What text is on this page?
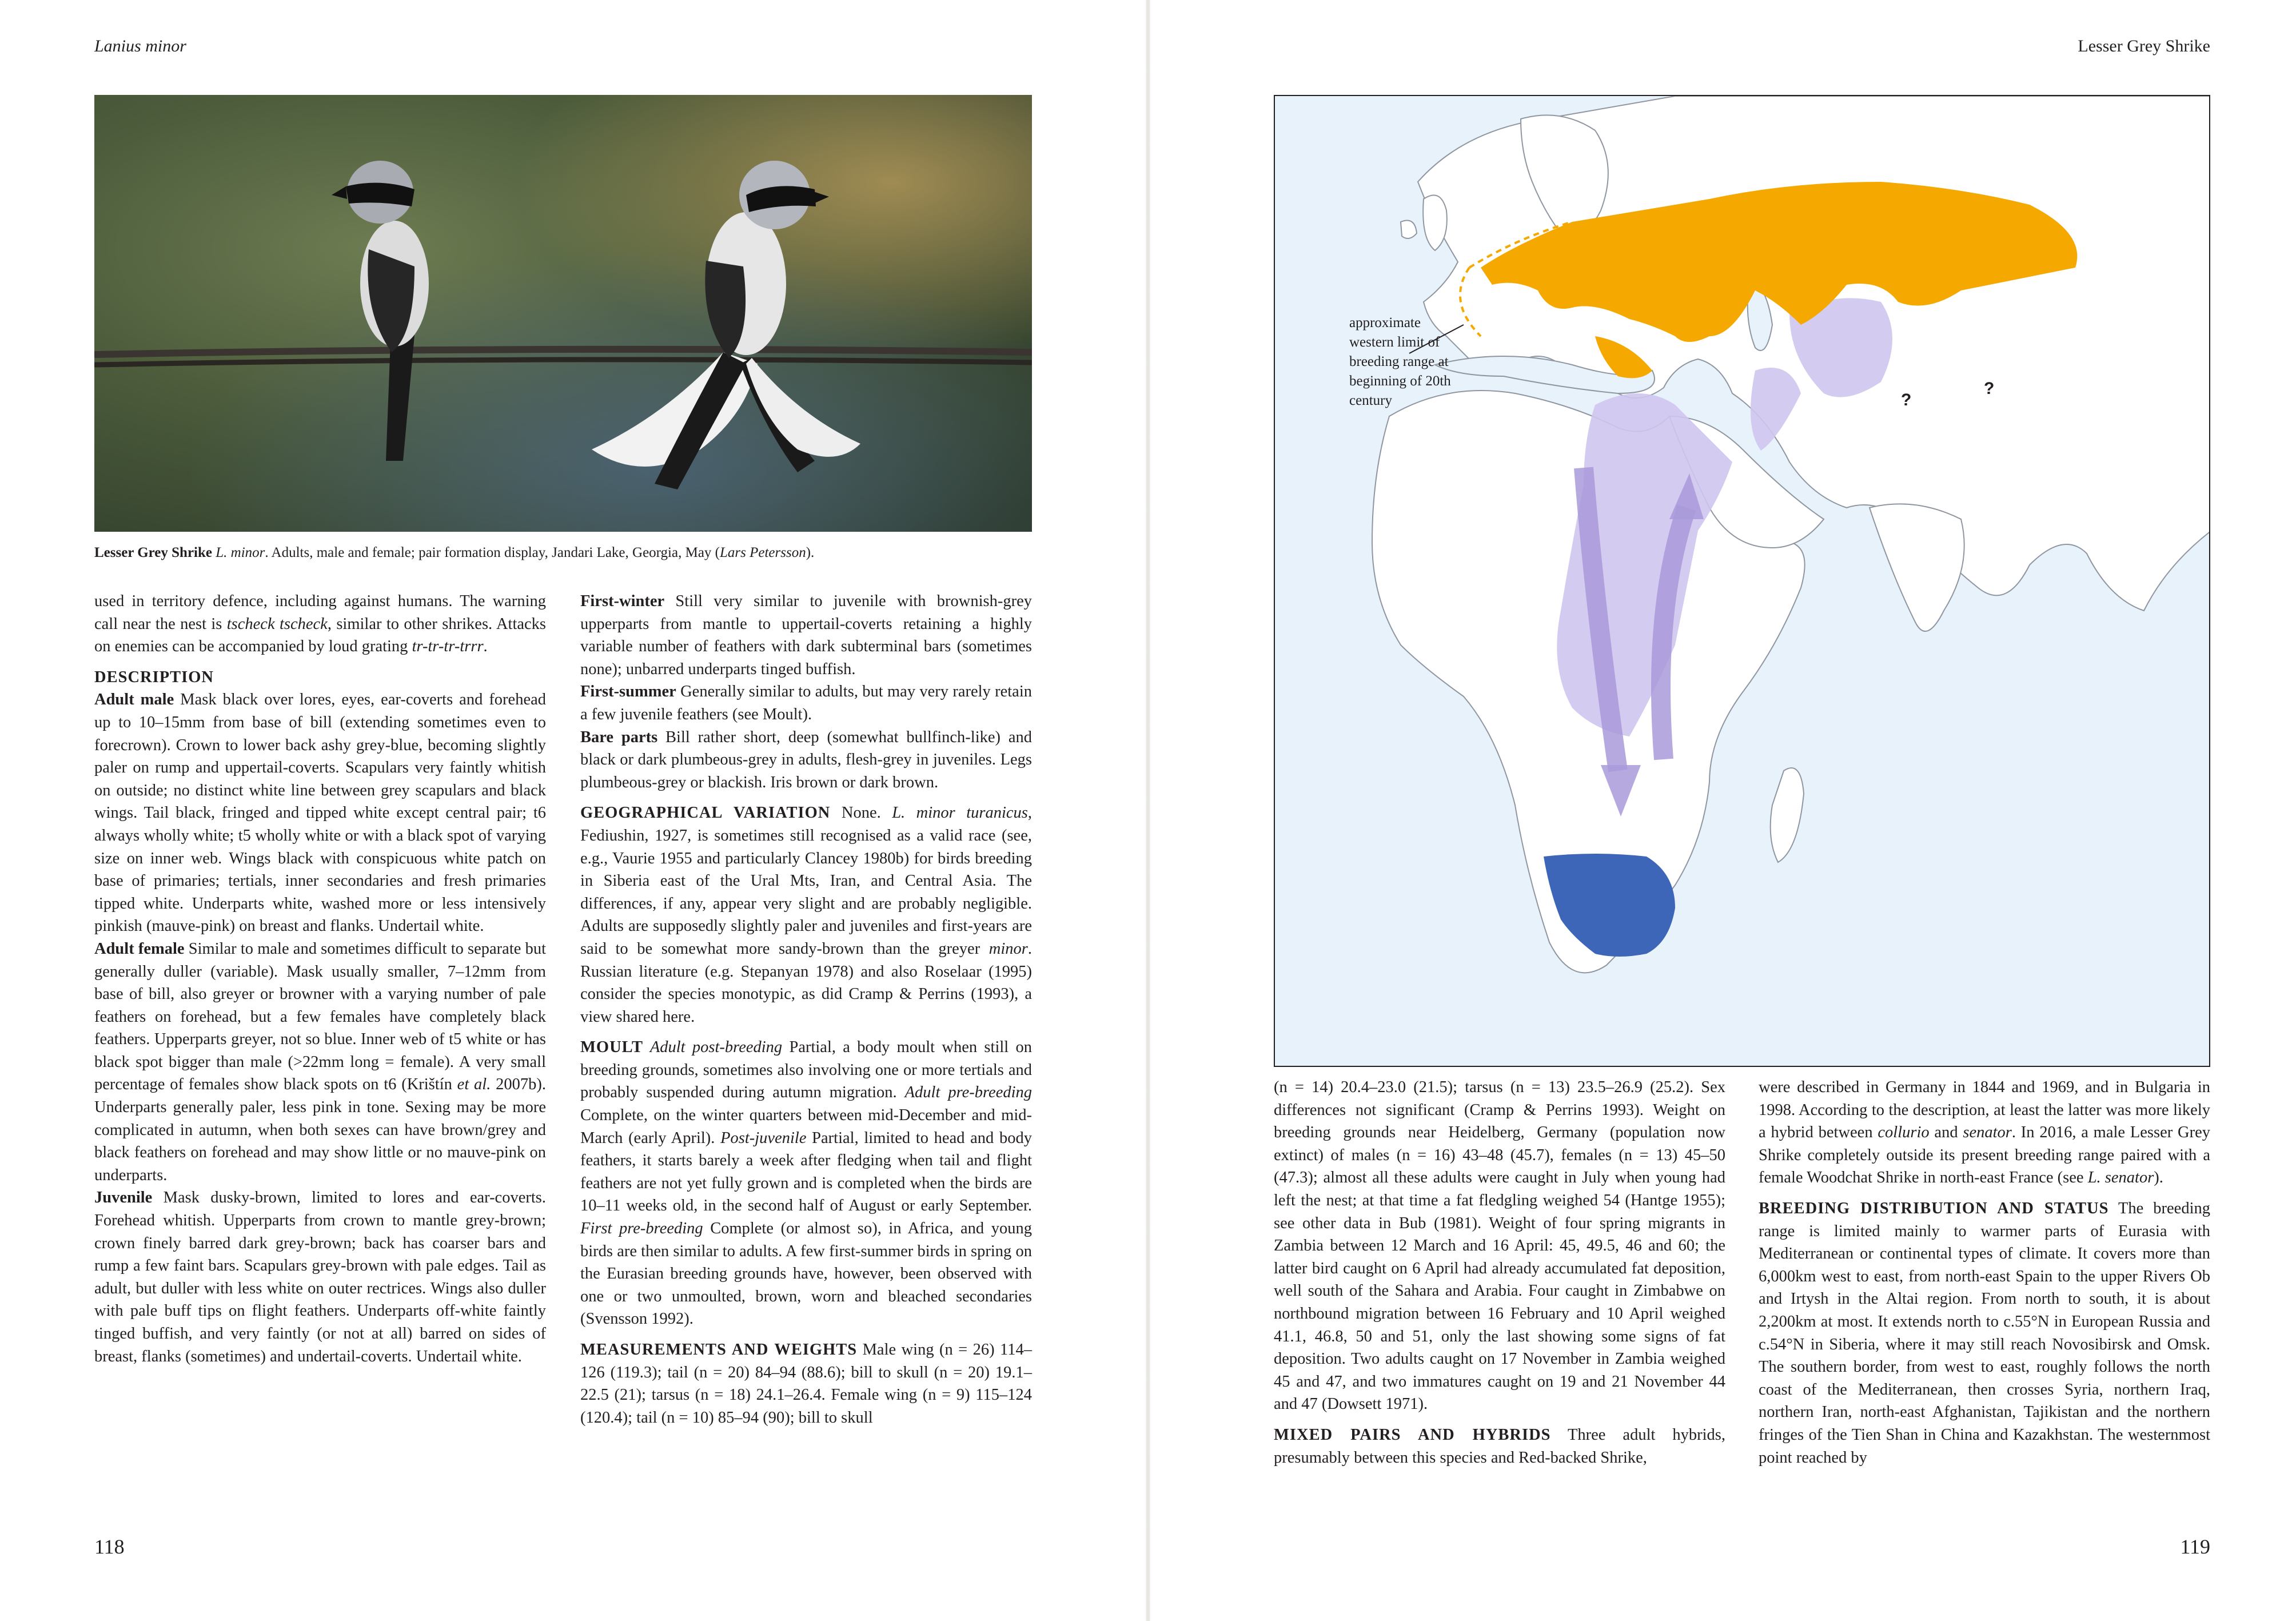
Lanius minor
Lesser Grey Shrike L. minor. Adults, male and female; pair formation display, Jandari Lake, Georgia, May (Lars Petersson).

used in territory defence, including against humans. The warning call near the nest is tscheck tscheck, similar to other shrikes. Attacks on enemies can be accompanied by loud grating tr-tr-tr-trrr.

DESCRIPTION

Adult male Mask black over lores, eyes, ear-coverts and forehead up to 10–15mm from base of bill (extending sometimes even to forecrown). Crown to lower back ashy grey-blue, becoming slightly paler on rump and uppertail-coverts. Scapulars very faintly whitish on outside; no distinct white line between grey scapulars and black wings. Tail black, fringed and tipped white except central pair; t6 always wholly white; t5 wholly white or with a black spot of varying size on inner web. Wings black with conspicuous white patch on base of primaries; tertials, inner secondaries and fresh primaries tipped white. Underparts white, washed more or less intensively pinkish (mauve-pink) on breast and flanks. Undertail white.

Adult female Similar to male and sometimes difficult to separate but generally duller (variable). Mask usually smaller, 7–12mm from base of bill, also greyer or browner with a varying number of pale feathers on forehead, but a few females have completely black feathers. Upperparts greyer, not so blue. Inner web of t5 white or has black spot bigger than male (>22mm long = female). A very small percentage of females show black spots on t6 (Krištín et al. 2007b). Underparts generally paler, less pink in tone. Sexing may be more complicated in autumn, when both sexes can have brown/grey and black feathers on forehead and may show little or no mauve-pink on underparts.

Juvenile Mask dusky-brown, limited to lores and ear-coverts. Forehead whitish. Upperparts from crown to mantle grey-brown; crown finely barred dark grey-brown; back has coarser bars and rump a few faint bars. Scapulars grey-brown with pale edges. Tail as adult, but duller with less white on outer rectrices. Wings also duller with pale buff tips on flight feathers. Underparts off-white faintly tinged buffish, and very faintly (or not at all) barred on sides of breast, flanks (sometimes) and undertail-coverts. Undertail white.

First-winter Still very similar to juvenile with brownish-grey upperparts from mantle to uppertail-coverts retaining a highly variable number of feathers with dark subterminal bars (sometimes none); unbarred underparts tinged buffish.

First-summer Generally similar to adults, but may very rarely retain a few juvenile feathers (see Moult).

Bare parts Bill rather short, deep (somewhat bullfinch-like) and black or dark plumbeous-grey in adults, flesh-grey in juveniles. Legs plumbeous-grey or blackish. Iris brown or dark brown.

GEOGRAPHICAL VARIATION None. L. minor turanicus, Fediushin, 1927, is sometimes still recognised as a valid race (see, e.g., Vaurie 1955 and particularly Clancey 1980b) for birds breeding in Siberia east of the Ural Mts, Iran, and Central Asia. The differences, if any, appear very slight and are probably negligible. Adults are supposedly slightly paler and juveniles and first-years are said to be somewhat more sandy-brown than the greyer minor. Russian literature (e.g. Stepanyan 1978) and also Roselaar (1995) consider the species monotypic, as did Cramp & Perrins (1993), a view shared here.

MOULT Adult post-breeding Partial, a body moult when still on breeding grounds, sometimes also involving one or more tertials and probably suspended during autumn migration. Adult pre-breeding Complete, on the winter quarters between mid-December and mid-March (early April). Post-juvenile Partial, limited to head and body feathers, it starts barely a week after fledging when tail and flight feathers are not yet fully grown and is completed when the birds are 10–11 weeks old, in the second half of August or early September. First pre-breeding Complete (or almost so), in Africa, and young birds are then similar to adults. A few first-summer birds in spring on the Eurasian breeding grounds have, however, been observed with one or two unmoulted, brown, worn and bleached secondaries (Svensson 1992).

MEASUREMENTS AND WEIGHTS Male wing (n = 26) 114–126 (119.3); tail (n = 20) 84–94 (88.6); bill to skull (n = 20) 19.1–22.5 (21); tarsus (n = 18) 24.1–26.4. Female wing (n = 9) 115–124 (120.4); tail (n = 10) 85–94 (90); bill to skull

118
Lesser Grey Shrike
approximate western limit of breeding range at beginning of 20th century	?
?

(n = 14) 20.4–23.0 (21.5); tarsus (n = 13) 23.5–26.9 (25.2). Sex differences not significant (Cramp & Perrins 1993). Weight on breeding grounds near Heidelberg, Germany (population now extinct) of males (n = 16) 43–48 (45.7), females (n = 13) 45–50 (47.3); almost all these adults were caught in July when young had left the nest; at that time a fat fledgling weighed 54 (Hantge 1955); see other data in Bub (1981). Weight of four spring migrants in Zambia between 12 March and 16 April: 45, 49.5, 46 and 60; the latter bird caught on 6 April had already accumulated fat deposition, well south of the Sahara and Arabia. Four caught in Zimbabwe on northbound migration between 16 February and 10 April weighed 41.1, 46.8, 50 and 51, only the last showing some signs of fat deposition. Two adults caught on 17 November in Zambia weighed 45 and 47, and two immatures caught on 19 and 21 November 44 and 47 (Dowsett 1971).

MIXED PAIRS AND HYBRIDS Three adult hybrids, presumably between this species and Red-backed Shrike,

were described in Germany in 1844 and 1969, and in Bulgaria in 1998. According to the description, at least the latter was more likely a hybrid between collurio and senator. In 2016, a male Lesser Grey Shrike completely outside its present breeding range paired with a female Woodchat Shrike in north-east France (see L. senator).

BREEDING DISTRIBUTION AND STATUS The breeding range is limited mainly to warmer parts of Eurasia with Mediterranean or continental types of climate. It covers more than 6,000km west to east, from north-east Spain to the upper Rivers Ob and Irtysh in the Altai region. From north to south, it is about 2,200km at most. It extends north to c.55°N in European Russia and c.54°N in Siberia, where it may still reach Novosibirsk and Omsk. The southern border, from west to east, roughly follows the north coast of the Mediterranean, then crosses Syria, northern Iraq, northern Iran, north-east Afghanistan, Tajikistan and the northern fringes of the Tien Shan in China and Kazakhstan. The westernmost point reached by

119
